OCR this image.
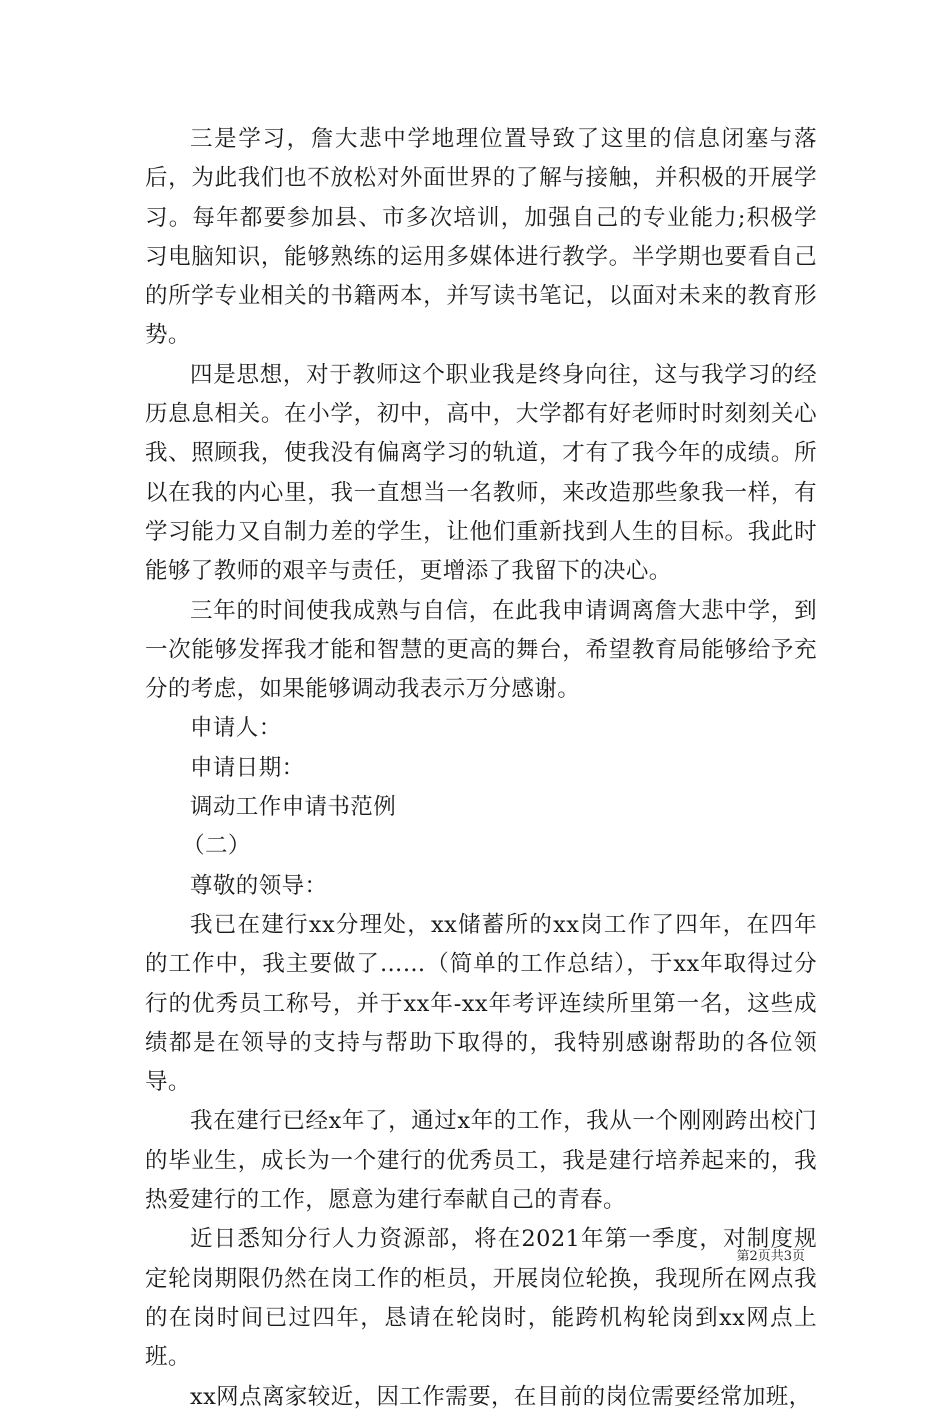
三是学习，詹大悲中学地理位置导致了这里的信息闭塞与落后，为此我们也不放松对外面世界的了解与接触，并积极的开展学习。每年都要参加县、市多次培训，加强自己的专业能力;积极学习电脑知识，能够熟练的运用多媒体进行教学。半学期也要看自己的所学专业相关的书籍两本，并写读书笔记，以面对未来的教育形势。

四是思想，对于教师这个职业我是终身向往，这与我学习的经历息息相关。在小学，初中，高中，大学都有好老师时时刻刻关心我、照顾我，使我没有偏离学习的轨道，才有了我今年的成绩。所以在我的内心里，我一直想当一名教师，来改造那些象我一样，有学习能力又自制力差的学生，让他们重新找到人生的目标。我此时能够了教师的艰辛与责任，更增添了我留下的决心。

三年的时间使我成熟与自信，在此我申请调离詹大悲中学，到一次能够发挥我才能和智慧的更高的舞台，希望教育局能够给予充分的考虑，如果能够调动我表示万分感谢。

申请人：

申请日期：

调动工作申请书范例

（二）

尊敬的领导：

我已在建行xx分理处，xx储蓄所的xx岗工作了四年，在四年的工作中，我主要做了……（简单的工作总结），于xx年取得过分行的优秀员工称号，并于xx年-xx年考评连续所里第一名，这些成绩都是在领导的支持与帮助下取得的，我特别感谢帮助的各位领导。

我在建行已经x年了，通过x年的工作，我从一个刚刚跨出校门的毕业生，成长为一个建行的优秀员工，我是建行培养起来的，我热爱建行的工作，愿意为建行奉献自己的青春。

近日悉知分行人力资源部，将在2021年第一季度，对制度规定轮岗期限仍然在岗工作的柜员，开展岗位轮换，我现所在网点我的在岗时间已过四年，恳请在轮岗时，能跨机构轮岗到xx网点上班。

xx网点离家较近，因工作需要，在目前的岗位需要经常加班，

第2页共3页
